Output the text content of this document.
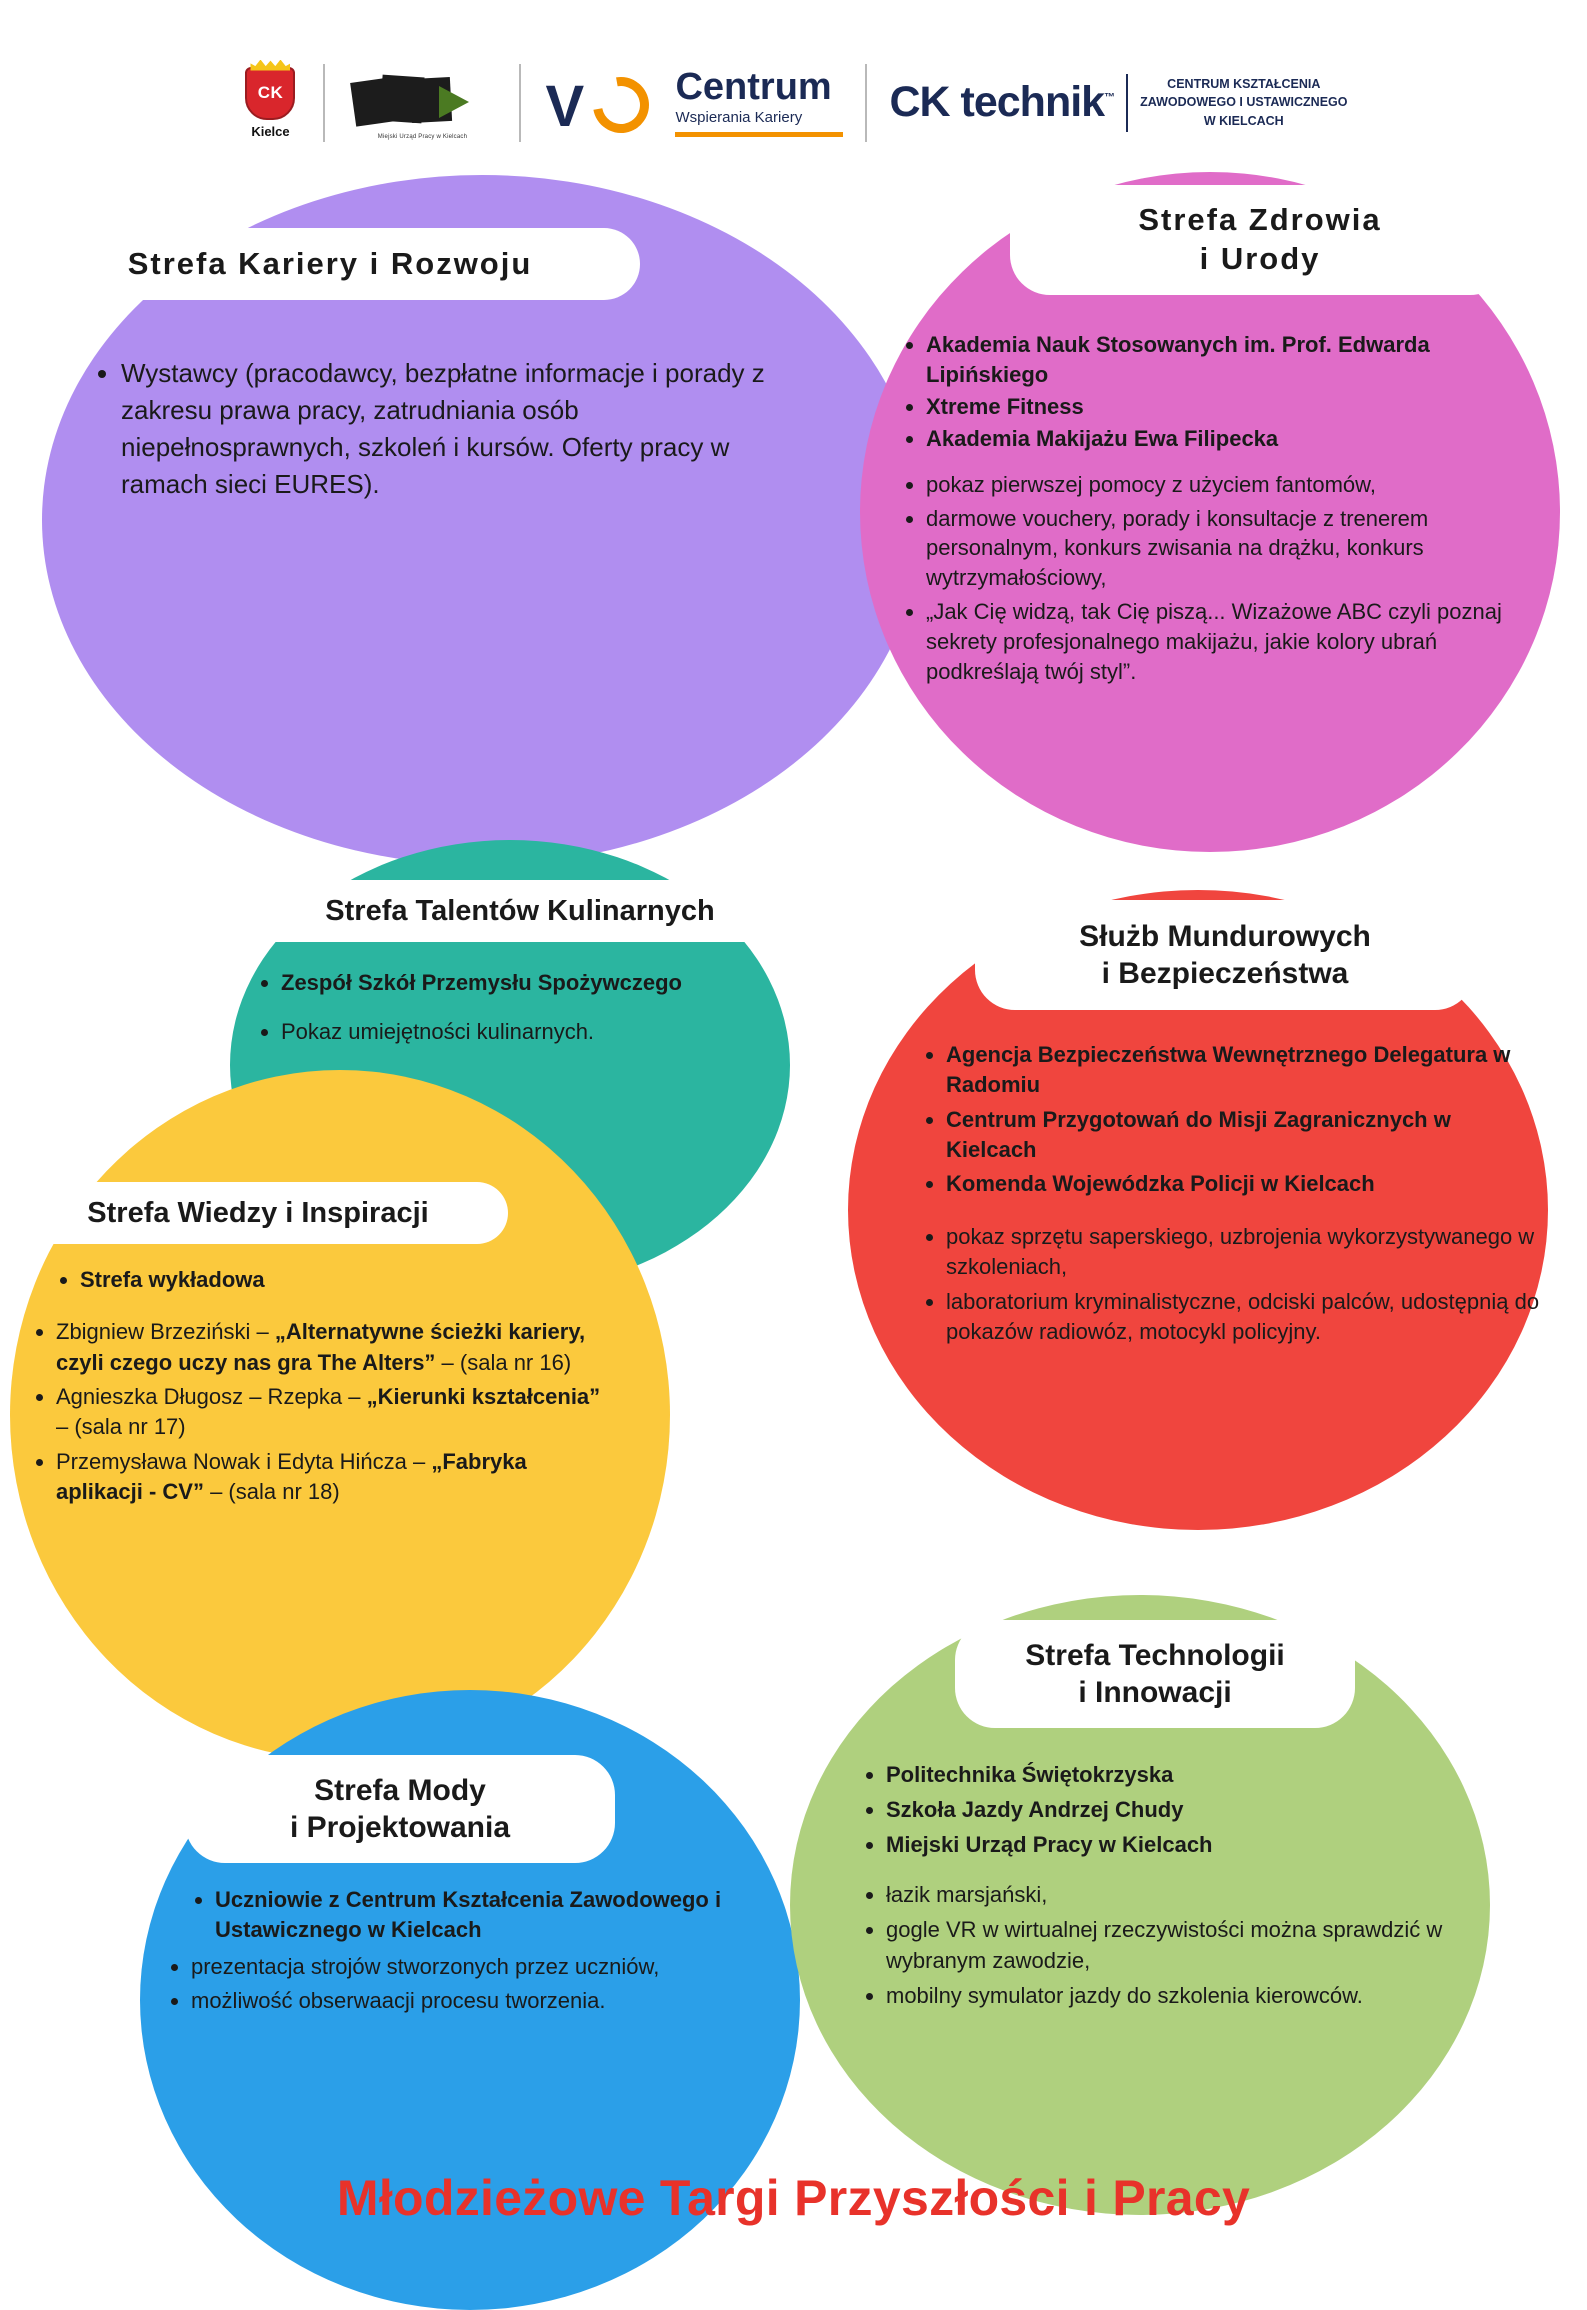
CK
Kielce	Miejski Urząd Pracy w Kielcach	V	Centrum
Wspierania Kariery	CK technik™
CENTRUM KSZTAŁCENIA
ZAWODOWEGO I USTAWICZNEGO
W KIELCACH
Strefa Kariery i Rozwoju
• Wystawcy (pracodawcy, bezpłatne informacje i porady z zakresu prawa pracy, zatrudniania osób niepełnosprawnych, szkoleń i kursów. Oferty pracy w ramach sieci EURES).
Strefa Zdrowia
i Urody
• Akademia Nauk Stosowanych im. Prof. Edwarda Lipińskiego
• Xtreme Fitness
• Akademia Makijażu Ewa Filipecka
• pokaz pierwszej pomocy z użyciem fantomów,
• darmowe vouchery, porady i konsultacje z trenerem personalnym, konkurs zwisania na drążku, konkurs wytrzymałościowy,
• „Jak Cię widzą, tak Cię piszą... Wizażowe ABC czyli poznaj sekrety profesjonalnego makijażu, jakie kolory ubrań podkreślają twój styl”.
Strefa Talentów Kulinarnych
• Zespół Szkół Przemysłu Spożywczego
• Pokaz umiejętności kulinarnych.
Służb Mundurowych
i Bezpieczeństwa
• Agencja Bezpieczeństwa Wewnętrznego Delegatura w Radomiu
• Centrum Przygotowań do Misji Zagranicznych w Kielcach
• Komenda Wojewódzka Policji w Kielcach
• pokaz sprzętu saperskiego, uzbrojenia wykorzystywanego w szkoleniach,
• laboratorium kryminalistyczne, odciski palców, udostępnią do pokazów radiowóz, motocykl policyjny.
Strefa Wiedzy i Inspiracji
• Strefa wykładowa
• Zbigniew Brzeziński – „Alternatywne ścieżki kariery, czyli czego uczy nas gra The Alters” – (sala nr 16)
• Agnieszka Długosz – Rzepka – „Kierunki kształcenia” – (sala nr 17)
• Przemysława Nowak i Edyta Hińcza – „Fabryka aplikacji - CV” – (sala nr 18)
Strefa Mody
i Projektowania
• Uczniowie z Centrum Kształcenia Zawodowego i Ustawicznego w Kielcach
• prezentacja strojów stworzonych przez uczniów,
• możliwość obserwaacji procesu tworzenia.
Strefa Technologii
i Innowacji
• Politechnika Świętokrzyska
• Szkoła Jazdy Andrzej Chudy
• Miejski Urząd Pracy w Kielcach
• łazik marsjański,
• gogle VR w wirtualnej rzeczywistości można sprawdzić w wybranym zawodzie,
• mobilny symulator jazdy do szkolenia kierowców.
Młodzieżowe Targi Przyszłości i Pracy
